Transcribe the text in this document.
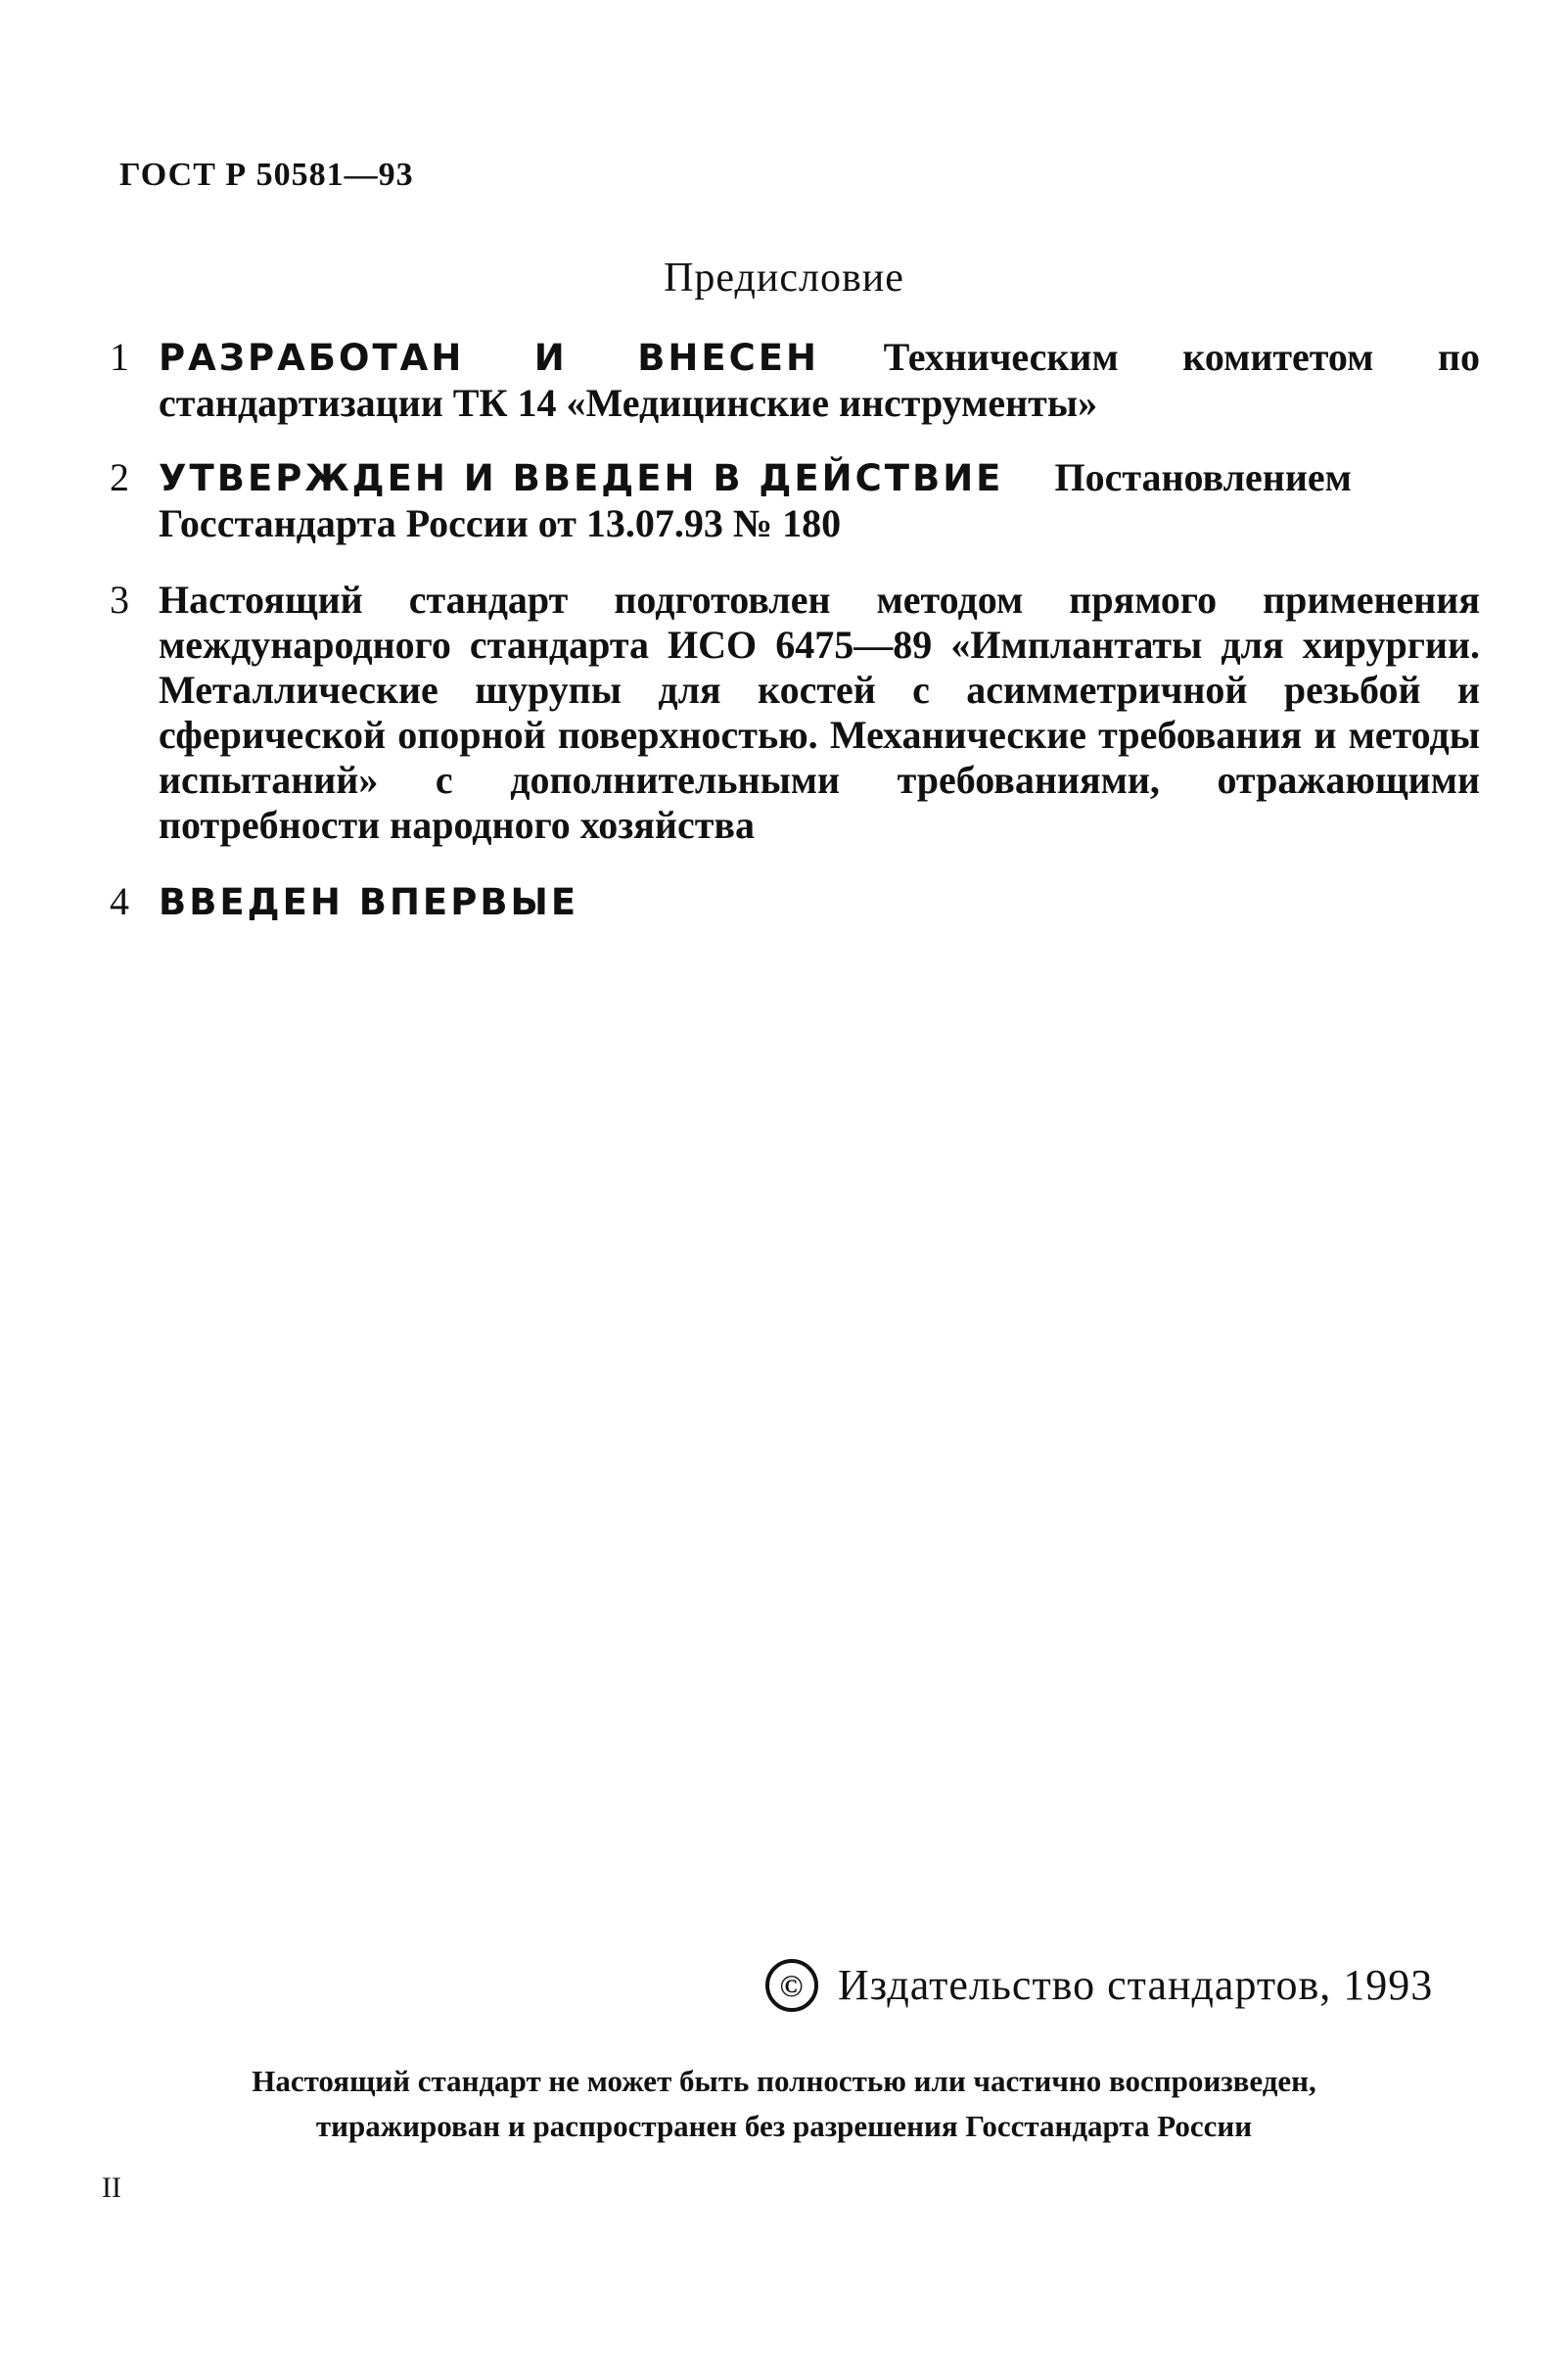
ГОСТ Р 50581—93
Предисловие
1 РАЗРАБОТАН И ВНЕСЕН Техническим комитетом по стандартизации ТК 14 «Медицинские инструменты»
2 УТВЕРЖДЕН И ВВЕДЕН В ДЕЙСТВИЕ Постановлением Госстандарта России от 13.07.93 № 180
3 Настоящий стандарт подготовлен методом прямого применения международного стандарта ИСО 6475—89 «Имплантаты для хирургии. Металлические шурупы для костей с асимметричной резьбой и сферической опорной поверхностью. Механические требования и методы испытаний» с дополнительными требованиями, отражающими потребности народного хозяйства
4 ВВЕДЕН ВПЕРВЫЕ
© Издательство стандартов, 1993
Настоящий стандарт не может быть полностью или частично воспроизведен,
тиражирован и распространен без разрешения Госстандарта России
II
